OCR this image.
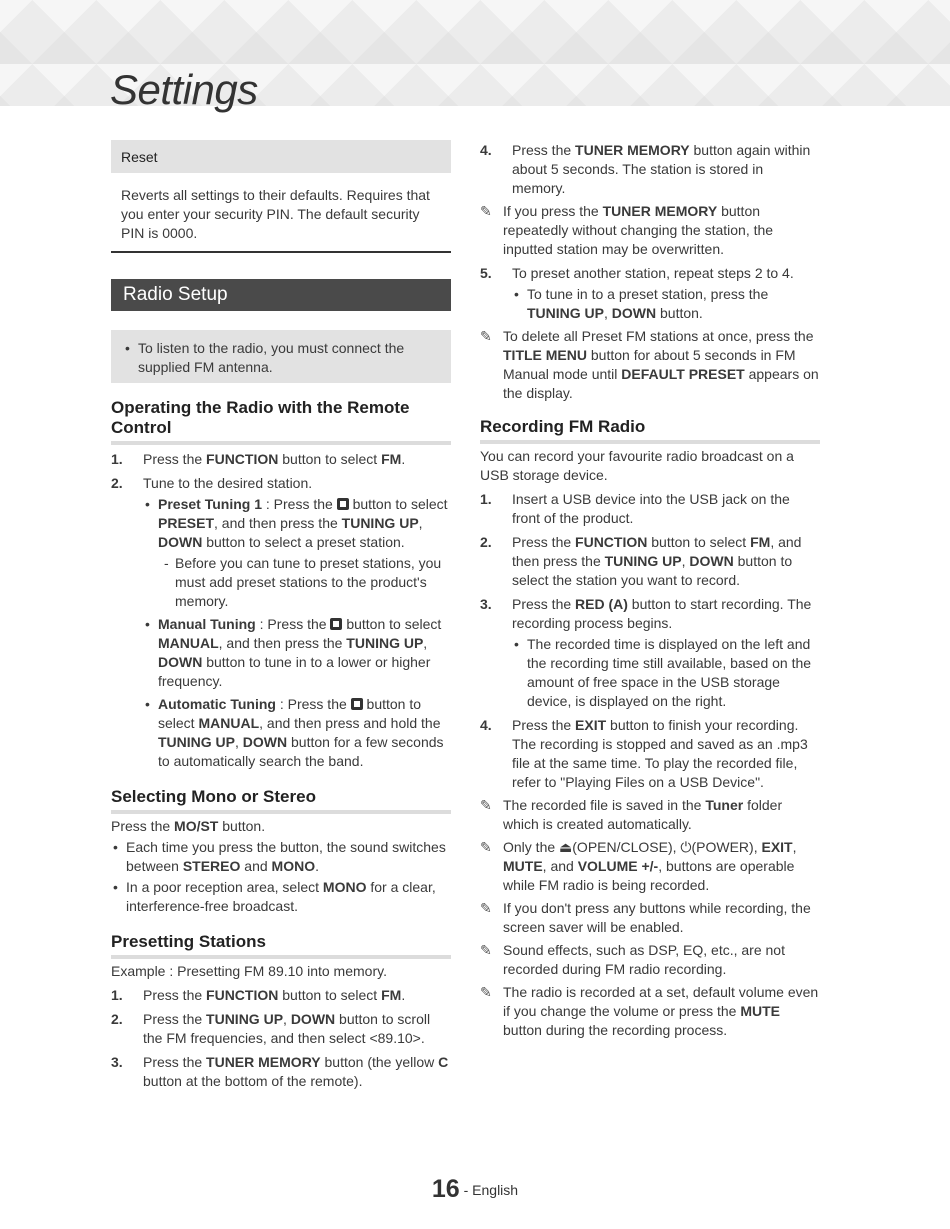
Settings
Reset
Reverts all settings to their defaults. Requires that you enter your security PIN. The default security PIN is 0000.
Radio Setup
• To listen to the radio, you must connect the supplied FM antenna.
Operating the Radio with the Remote Control
1. Press the FUNCTION button to select FM.
2. Tune to the desired station.
• Preset Tuning 1 : Press the  button to select PRESET, and then press the TUNING UP, DOWN button to select a preset station.
- Before you can tune to preset stations, you must add preset stations to the product's memory.
• Manual Tuning : Press the  button to select MANUAL, and then press the TUNING UP, DOWN button to tune in to a lower or higher frequency.
• Automatic Tuning : Press the  button to select MANUAL, and then press and hold the TUNING UP, DOWN button for a few seconds to automatically search the band.
Selecting Mono or Stereo

Press the MO/ST button.

• Each time you press the button, the sound switches between STEREO and MONO.
• In a poor reception area, select MONO for a clear, interference-free broadcast.
Presetting Stations

Example : Presetting FM 89.10 into memory.

1. Press the FUNCTION button to select FM.
2. Press the TUNING UP, DOWN button to scroll the FM frequencies, and then select <89.10>.
3. Press the TUNER MEMORY button (the yellow C button at the bottom of the remote).
4. Press the TUNER MEMORY button again within about 5 seconds. The station is stored in memory.

✎ If you press the TUNER MEMORY button repeatedly without changing the station, the inputted station may be overwritten.

5. To preset another station, repeat steps 2 to 4.
• To tune in to a preset station, press the TUNING UP, DOWN button.

✎ To delete all Preset FM stations at once, press the TITLE MENU button for about 5 seconds in FM Manual mode until DEFAULT PRESET appears on the display.

Recording FM Radio

You can record your favourite radio broadcast on a USB storage device.

1. Insert a USB device into the USB jack on the front of the product.
2. Press the FUNCTION button to select FM, and then press the TUNING UP, DOWN button to select the station you want to record.
3. Press the RED (A) button to start recording. The recording process begins.
• The recorded time is displayed on the left and the recording time still available, based on the amount of free space in the USB storage device, is displayed on the right.
4. Press the EXIT button to finish your recording. The recording is stopped and saved as an .mp3 file at the same time. To play the recorded file, refer to "Playing Files on a USB Device".

✎ The recorded file is saved in the Tuner folder which is created automatically.

✎ Only the ⏏(OPEN/CLOSE), ⏻(POWER), EXIT, MUTE, and VOLUME +/-, buttons are operable while FM radio is being recorded.

✎ If you don't press any buttons while recording, the screen saver will be enabled.

✎ Sound effects, such as DSP, EQ, etc., are not recorded during FM radio recording.

✎ The radio is recorded at a set, default volume even if you change the volume or press the MUTE button during the recording process.

16 - English
